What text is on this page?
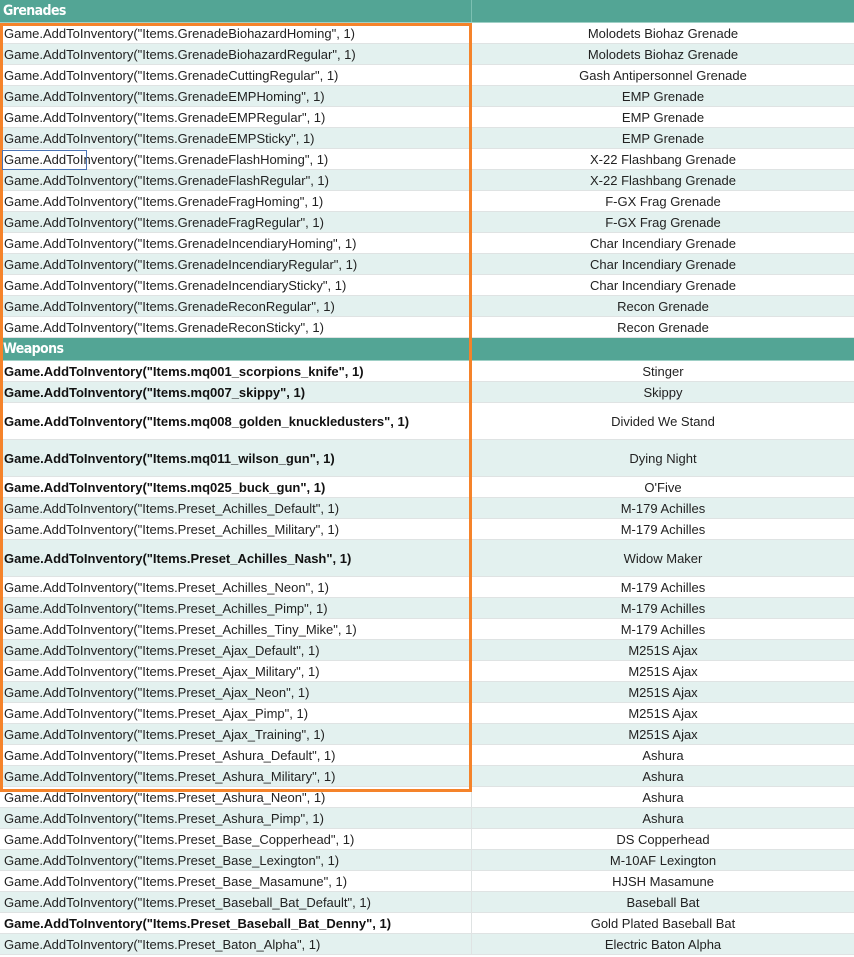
Grenades
Game.AddToInventory("Items.GrenadeBiohazardHoming", 1)	Molodets Biohaz Grenade
Game.AddToInventory("Items.GrenadeBiohazardRegular", 1)	Molodets Biohaz Grenade
Game.AddToInventory("Items.GrenadeCuttingRegular", 1)	Gash Antipersonnel Grenade
Game.AddToInventory("Items.GrenadeEMPHoming", 1)	EMP Grenade
Game.AddToInventory("Items.GrenadeEMPRegular", 1)	EMP Grenade
Game.AddToInventory("Items.GrenadeEMPSticky", 1)	EMP Grenade
Game.AddToInventory("Items.GrenadeFlashHoming", 1)	X-22 Flashbang Grenade
Game.AddToInventory("Items.GrenadeFlashRegular", 1)	X-22 Flashbang Grenade
Game.AddToInventory("Items.GrenadeFragHoming", 1)	F-GX Frag Grenade
Game.AddToInventory("Items.GrenadeFragRegular", 1)	F-GX Frag Grenade
Game.AddToInventory("Items.GrenadeIncendiaryHoming", 1)	Char Incendiary Grenade
Game.AddToInventory("Items.GrenadeIncendiaryRegular", 1)	Char Incendiary Grenade
Game.AddToInventory("Items.GrenadeIncendiarySticky", 1)	Char Incendiary Grenade
Game.AddToInventory("Items.GrenadeReconRegular", 1)	Recon Grenade
Game.AddToInventory("Items.GrenadeReconSticky", 1)	Recon Grenade
Weapons
Game.AddToInventory("Items.mq001_scorpions_knife", 1)	Stinger
Game.AddToInventory("Items.mq007_skippy", 1)	Skippy
Game.AddToInventory("Items.mq008_golden_knuckledusters", 1)	Divided We Stand
Game.AddToInventory("Items.mq011_wilson_gun", 1)	Dying Night
Game.AddToInventory("Items.mq025_buck_gun", 1)	O'Five
Game.AddToInventory("Items.Preset_Achilles_Default", 1)	M-179 Achilles
Game.AddToInventory("Items.Preset_Achilles_Military", 1)	M-179 Achilles
Game.AddToInventory("Items.Preset_Achilles_Nash", 1)	Widow Maker
Game.AddToInventory("Items.Preset_Achilles_Neon", 1)	M-179 Achilles
Game.AddToInventory("Items.Preset_Achilles_Pimp", 1)	M-179 Achilles
Game.AddToInventory("Items.Preset_Achilles_Tiny_Mike", 1)	M-179 Achilles
Game.AddToInventory("Items.Preset_Ajax_Default", 1)	M251S Ajax
Game.AddToInventory("Items.Preset_Ajax_Military", 1)	M251S Ajax
Game.AddToInventory("Items.Preset_Ajax_Neon", 1)	M251S Ajax
Game.AddToInventory("Items.Preset_Ajax_Pimp", 1)	M251S Ajax
Game.AddToInventory("Items.Preset_Ajax_Training", 1)	M251S Ajax
Game.AddToInventory("Items.Preset_Ashura_Default", 1)	Ashura
Game.AddToInventory("Items.Preset_Ashura_Military", 1)	Ashura
Game.AddToInventory("Items.Preset_Ashura_Neon", 1)	Ashura
Game.AddToInventory("Items.Preset_Ashura_Pimp", 1)	Ashura
Game.AddToInventory("Items.Preset_Base_Copperhead", 1)	DS Copperhead
Game.AddToInventory("Items.Preset_Base_Lexington", 1)	M-10AF Lexington
Game.AddToInventory("Items.Preset_Base_Masamune", 1)	HJSH Masamune
Game.AddToInventory("Items.Preset_Baseball_Bat_Default", 1)	Baseball Bat
Game.AddToInventory("Items.Preset_Baseball_Bat_Denny", 1)	Gold Plated Baseball Bat
Game.AddToInventory("Items.Preset_Baton_Alpha", 1)	Electric Baton Alpha
